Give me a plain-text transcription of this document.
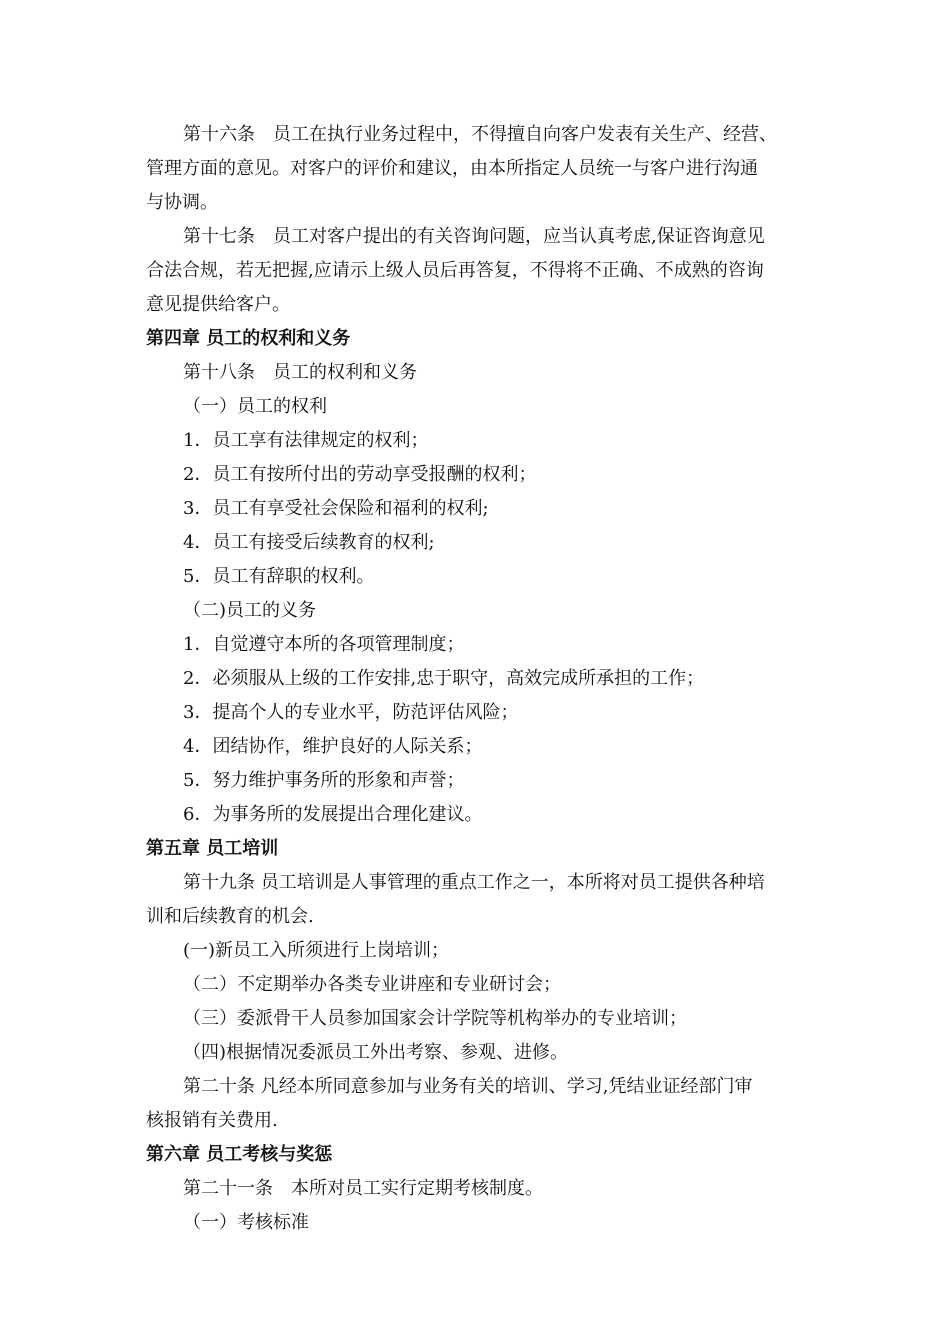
第十六条　员工在执行业务过程中，不得擅自向客户发表有关生产、经营、
管理方面的意见。对客户的评价和建议，由本所指定人员统一与客户进行沟通
与协调。
第十七条　员工对客户提出的有关咨询问题，应当认真考虑,保证咨询意见
合法合规，若无把握,应请示上级人员后再答复，不得将不正确、不成熟的咨询
意见提供给客户。
第四章 员工的权利和义务
第十八条　员工的权利和义务
（一）员工的权利
1．员工享有法律规定的权利；
2．员工有按所付出的劳动享受报酬的权利；
3．员工有享受社会保险和福利的权利;
4．员工有接受后续教育的权利;
5．员工有辞职的权利。
（二)员工的义务
1．自觉遵守本所的各项管理制度；
2．必须服从上级的工作安排,忠于职守，高效完成所承担的工作；
3．提高个人的专业水平，防范评估风险；
4．团结协作，维护良好的人际关系；
5．努力维护事务所的形象和声誉；
6．为事务所的发展提出合理化建议。
第五章 员工培训
第十九条 员工培训是人事管理的重点工作之一，本所将对员工提供各种培
训和后续教育的机会.
(一)新员工入所须进行上岗培训；
（二）不定期举办各类专业讲座和专业研讨会；
（三）委派骨干人员参加国家会计学院等机构举办的专业培训；
（四)根据情况委派员工外出考察、参观、进修。
第二十条 凡经本所同意参加与业务有关的培训、学习,凭结业证经部门审
核报销有关费用.
第六章 员工考核与奖惩
第二十一条　本所对员工实行定期考核制度。
（一）考核标准
